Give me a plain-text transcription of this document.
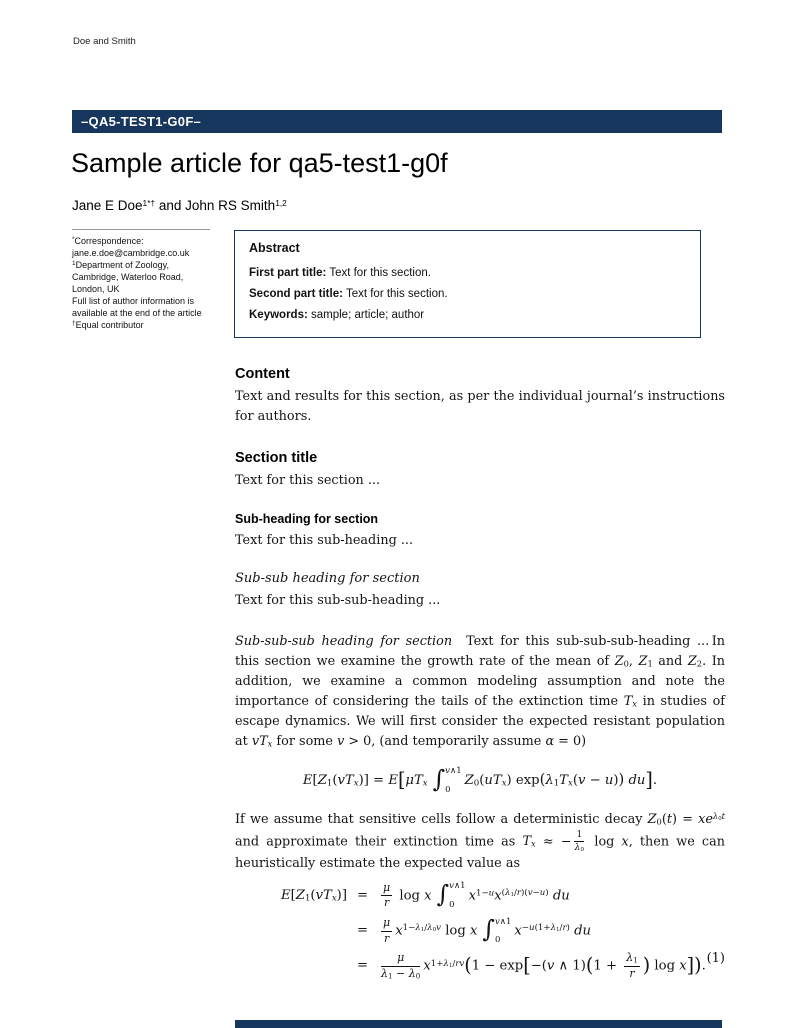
Doe and Smith
–QA5-TEST1-G0F–
Sample article for qa5-test1-g0f
Jane E Doe$^{1*\dagger}$ and John RS Smith$^{1,2}$
*Correspondence:
jane.e.doe@cambridge.co.uk
$^1$Department of Zoology,
Cambridge, Waterloo Road,
London, UK
Full list of author information is
available at the end of the article
†Equal contributor
Abstract
First part title: Text for this section.
Second part title: Text for this section.
Keywords: sample; article; author
Content

Text and results for this section, as per the individual journal’s instructions for authors.

Section title

Text for this section ...

Sub-heading for section

Text for this sub-heading ...

Sub-sub heading for section

Text for this sub-sub-heading ...

Sub-sub-sub heading for section Text for this sub-sub-sub-heading ... In this section we examine the growth rate of the mean of $Z_0$, $Z_1$ and $Z_2$. In addition, we examine a common modeling assumption and note the importance of considering the tails of the extinction time $T_x$ in studies of escape dynamics. We will first consider the expected resistant population at $vT_x$ for some v > 0, (and temporarily assume α = 0)

$E[Z_1(vT_x)] = E[\mu T_x$ ∫ v∧1
0
$Z_0(uT_x) \exp(\lambda_1T_x(v - u))$ du].

If we assume that sensitive cells follow a deterministic decay $Z_0(t) = xe^{\lambda_0t}$ and approximate their extinction time as $T_x$ ≈ − $\frac{1}{\lambda_0}$ log x, then we can heuristically estimate the expected value as

$E[Z_1(vT_x)]$ =	$\frac{\mu}{r}$ log x ∫ v∧1
0
$x^{1-u}x^{(\lambda_1/r)(v-u)}$ du
=	$\frac{\mu}{r} x^{1-\lambda_1/\lambda_0v}$ log x ∫ v∧1
0
$x^{-u(1+\lambda_1/r)}$ du
=	$\frac{\mu}{\lambda_1 - \lambda_0} x^{1+\lambda_1/rv}(1 - \exp[-(v$ ∧ $1)(1 + \frac{\lambda_1}{r}$ ) log x]).
(1)
